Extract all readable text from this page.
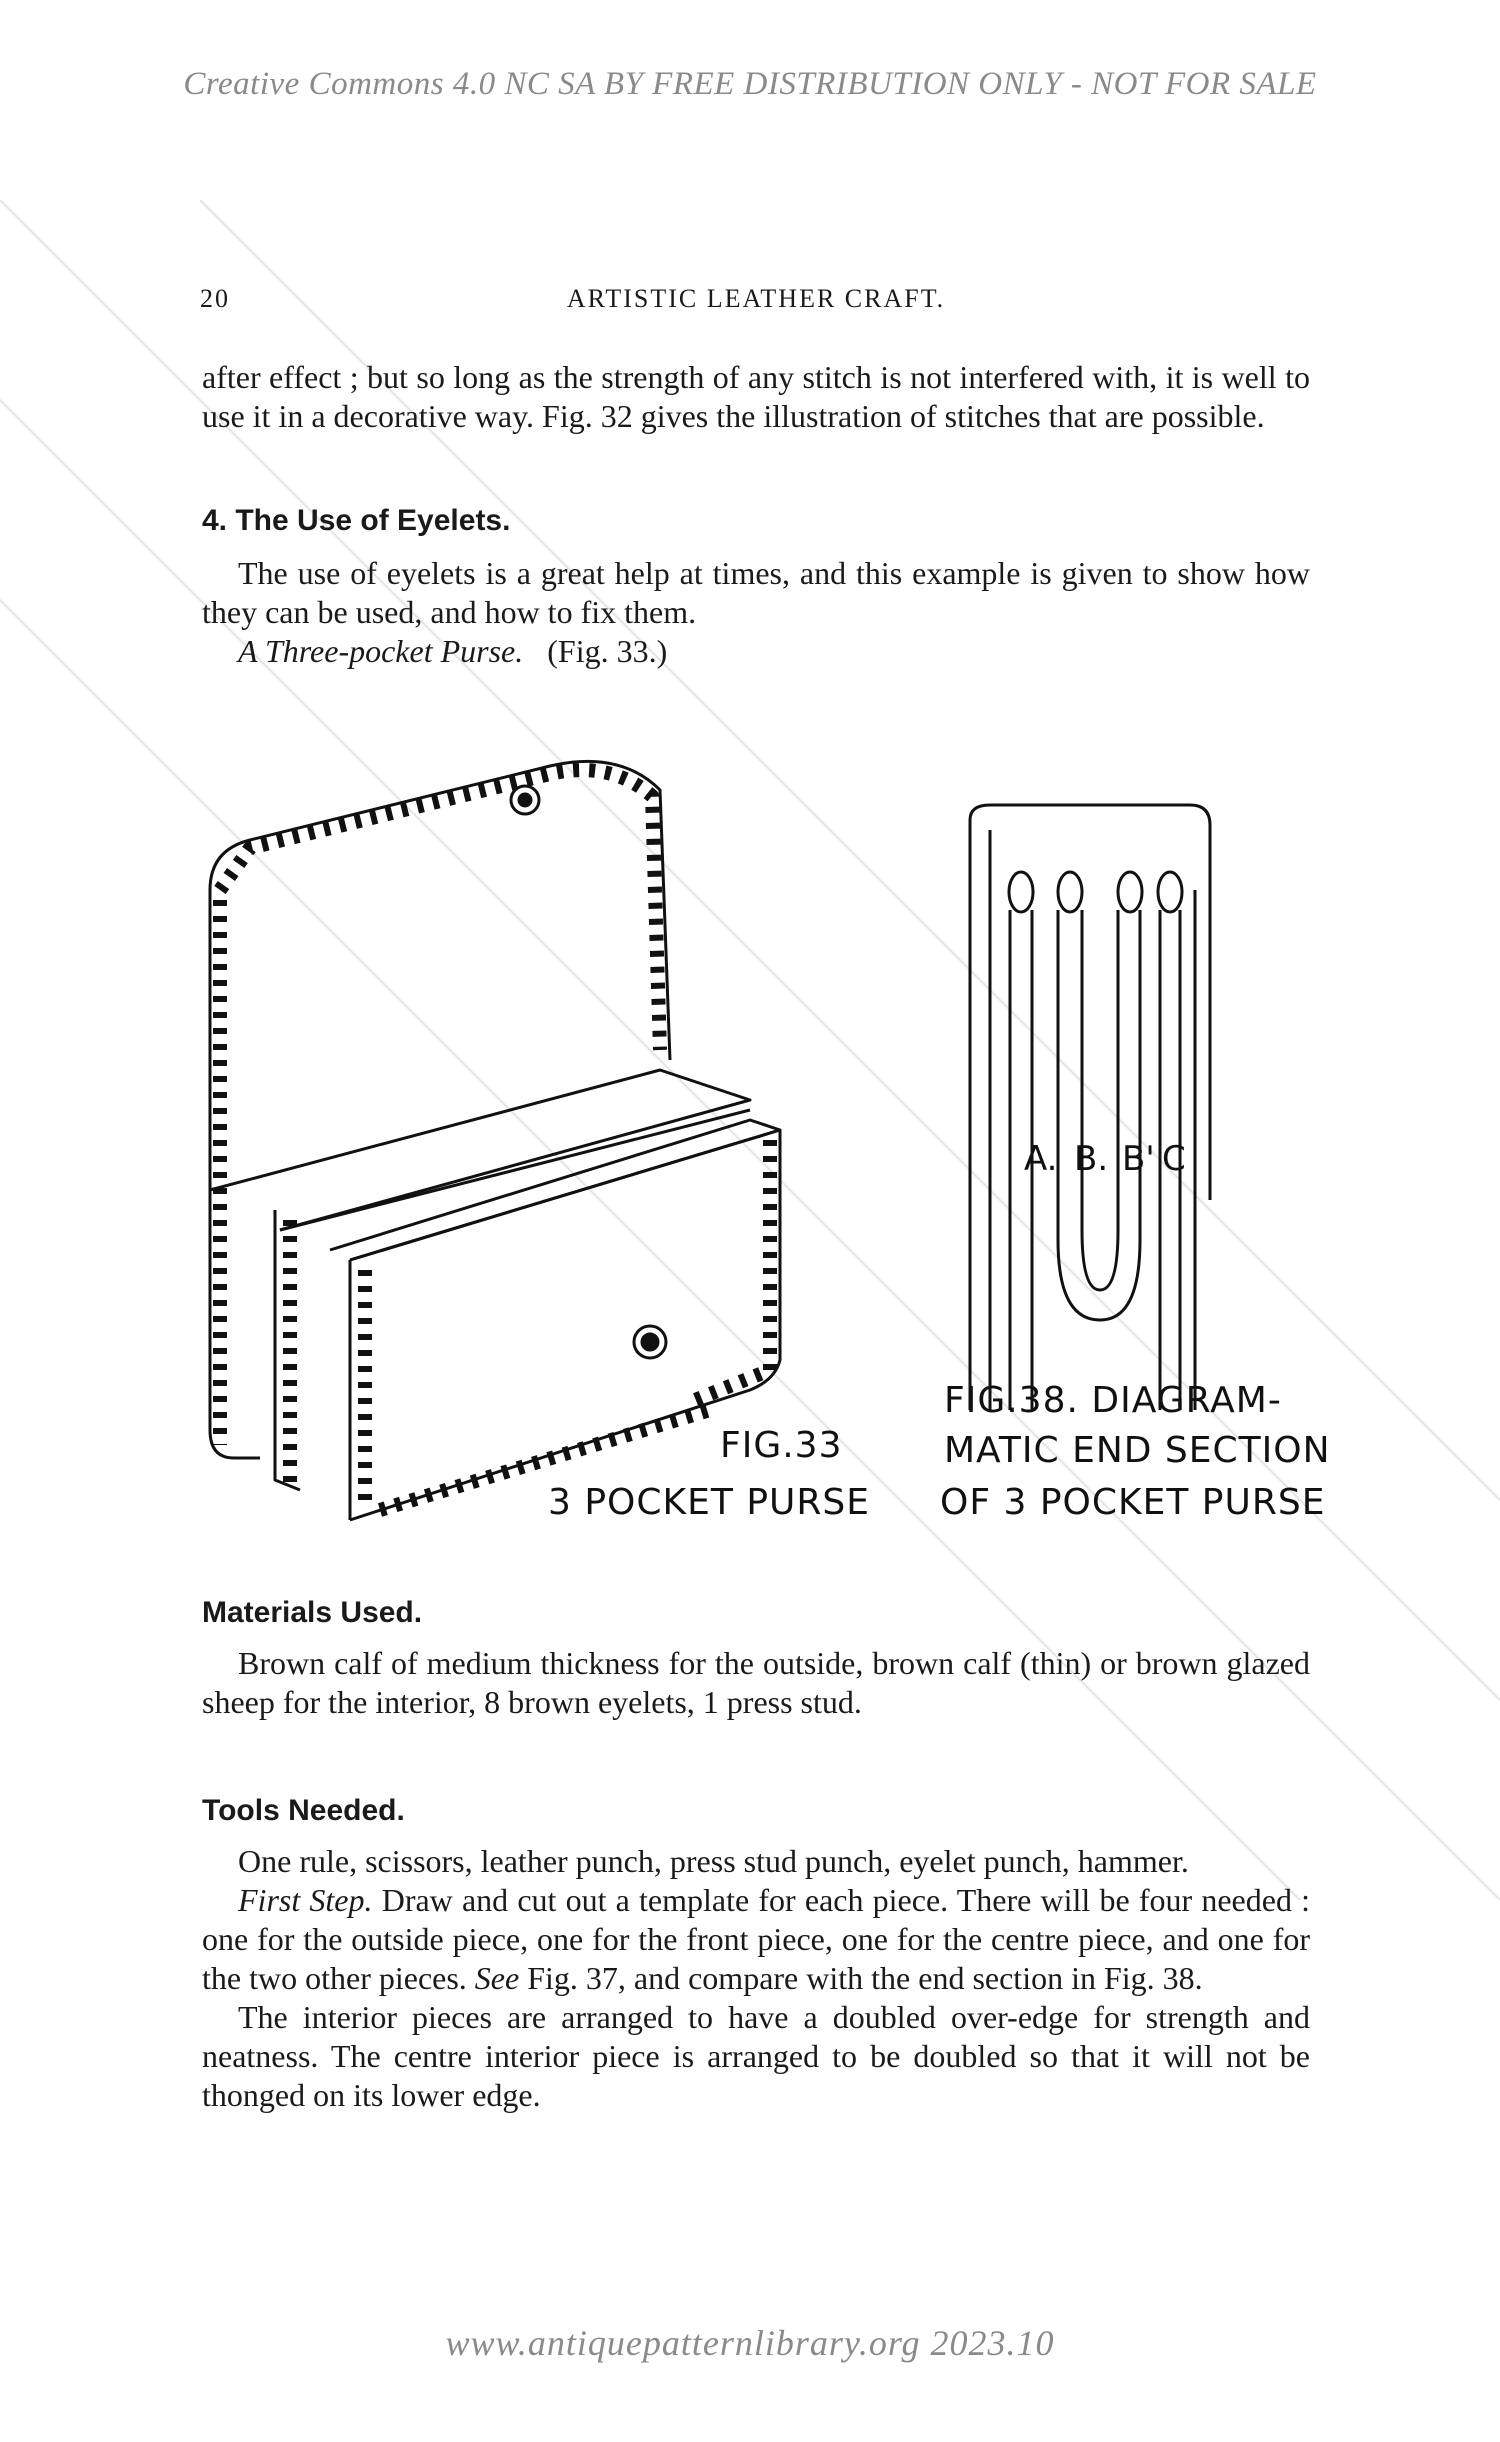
Creative Commons 4.0 NC SA BY FREE DISTRIBUTION ONLY - NOT FOR SALE
20	ARTISTIC LEATHER CRAFT.

after effect ; but so long as the strength of any stitch is not interfered with, it is well to use it in a decorative way. Fig. 32 gives the illustration of stitches that are possible.

4. The Use of Eyelets.

The use of eyelets is a great help at times, and this example is given to show how they can be used, and how to fix them.

A Three-pocket Purse. (Fig. 33.)

A. B. B' C
FIG.33
3 POCKET PURSE
FIG.38. DIAGRAM-
MATIC END SECTION
OF 3 POCKET PURSE
Materials Used.

Brown calf of medium thickness for the outside, brown calf (thin) or brown glazed sheep for the interior, 8 brown eyelets, 1 press stud.

Tools Needed.

One rule, scissors, leather punch, press stud punch, eyelet punch, hammer.

First Step. Draw and cut out a template for each piece. There will be four needed : one for the outside piece, one for the front piece, one for the centre piece, and one for the two other pieces. See Fig. 37, and compare with the end section in Fig. 38.

The interior pieces are arranged to have a doubled over-edge for strength and neatness. The centre interior piece is arranged to be doubled so that it will not be thonged on its lower edge.

www.antiquepatternlibrary.org 2023.10
